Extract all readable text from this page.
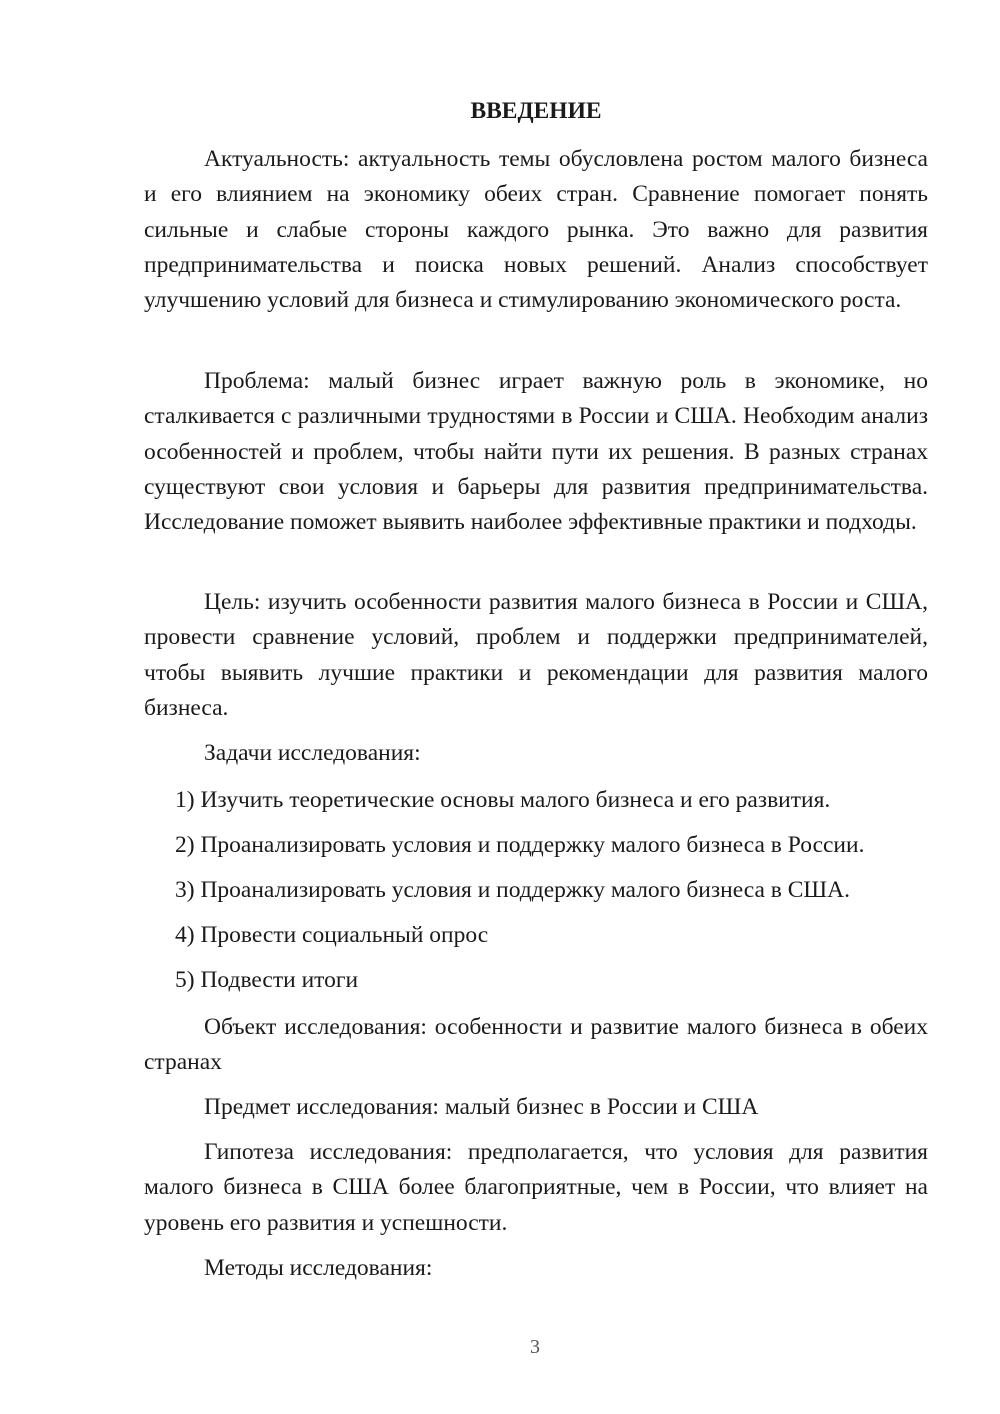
ВВЕДЕНИЕ

Актуальность: актуальность темы обусловлена ростом малого бизнеса и его влиянием на экономику обеих стран. Сравнение помогает понять сильные и слабые стороны каждого рынка. Это важно для развития предпринимательства и поиска новых решений. Анализ способствует улучшению условий для бизнеса и стимулированию экономического роста.

Проблема: малый бизнес играет важную роль в экономике, но сталкивается с различными трудностями в России и США. Необходим анализ особенностей и проблем, чтобы найти пути их решения. В разных странах существуют свои условия и барьеры для развития предпринимательства. Исследование поможет выявить наиболее эффективные практики и подходы.

Цель: изучить особенности развития малого бизнеса в России и США, провести сравнение условий, проблем и поддержки предпринимателей, чтобы выявить лучшие практики и рекомендации для развития малого бизнеса.

Задачи исследования:

1) Изучить теоретические основы малого бизнеса и его развития.

2) Проанализировать условия и поддержку малого бизнеса в России.

3) Проанализировать условия и поддержку малого бизнеса в США.

4) Провести социальный опрос

5) Подвести итоги

Объект исследования: особенности и развитие малого бизнеса в обеих странах

Предмет исследования: малый бизнес в России и США

Гипотеза исследования: предполагается, что условия для развития малого бизнеса в США более благоприятные, чем в России, что влияет на уровень его развития и успешности.

Методы исследования:

3
